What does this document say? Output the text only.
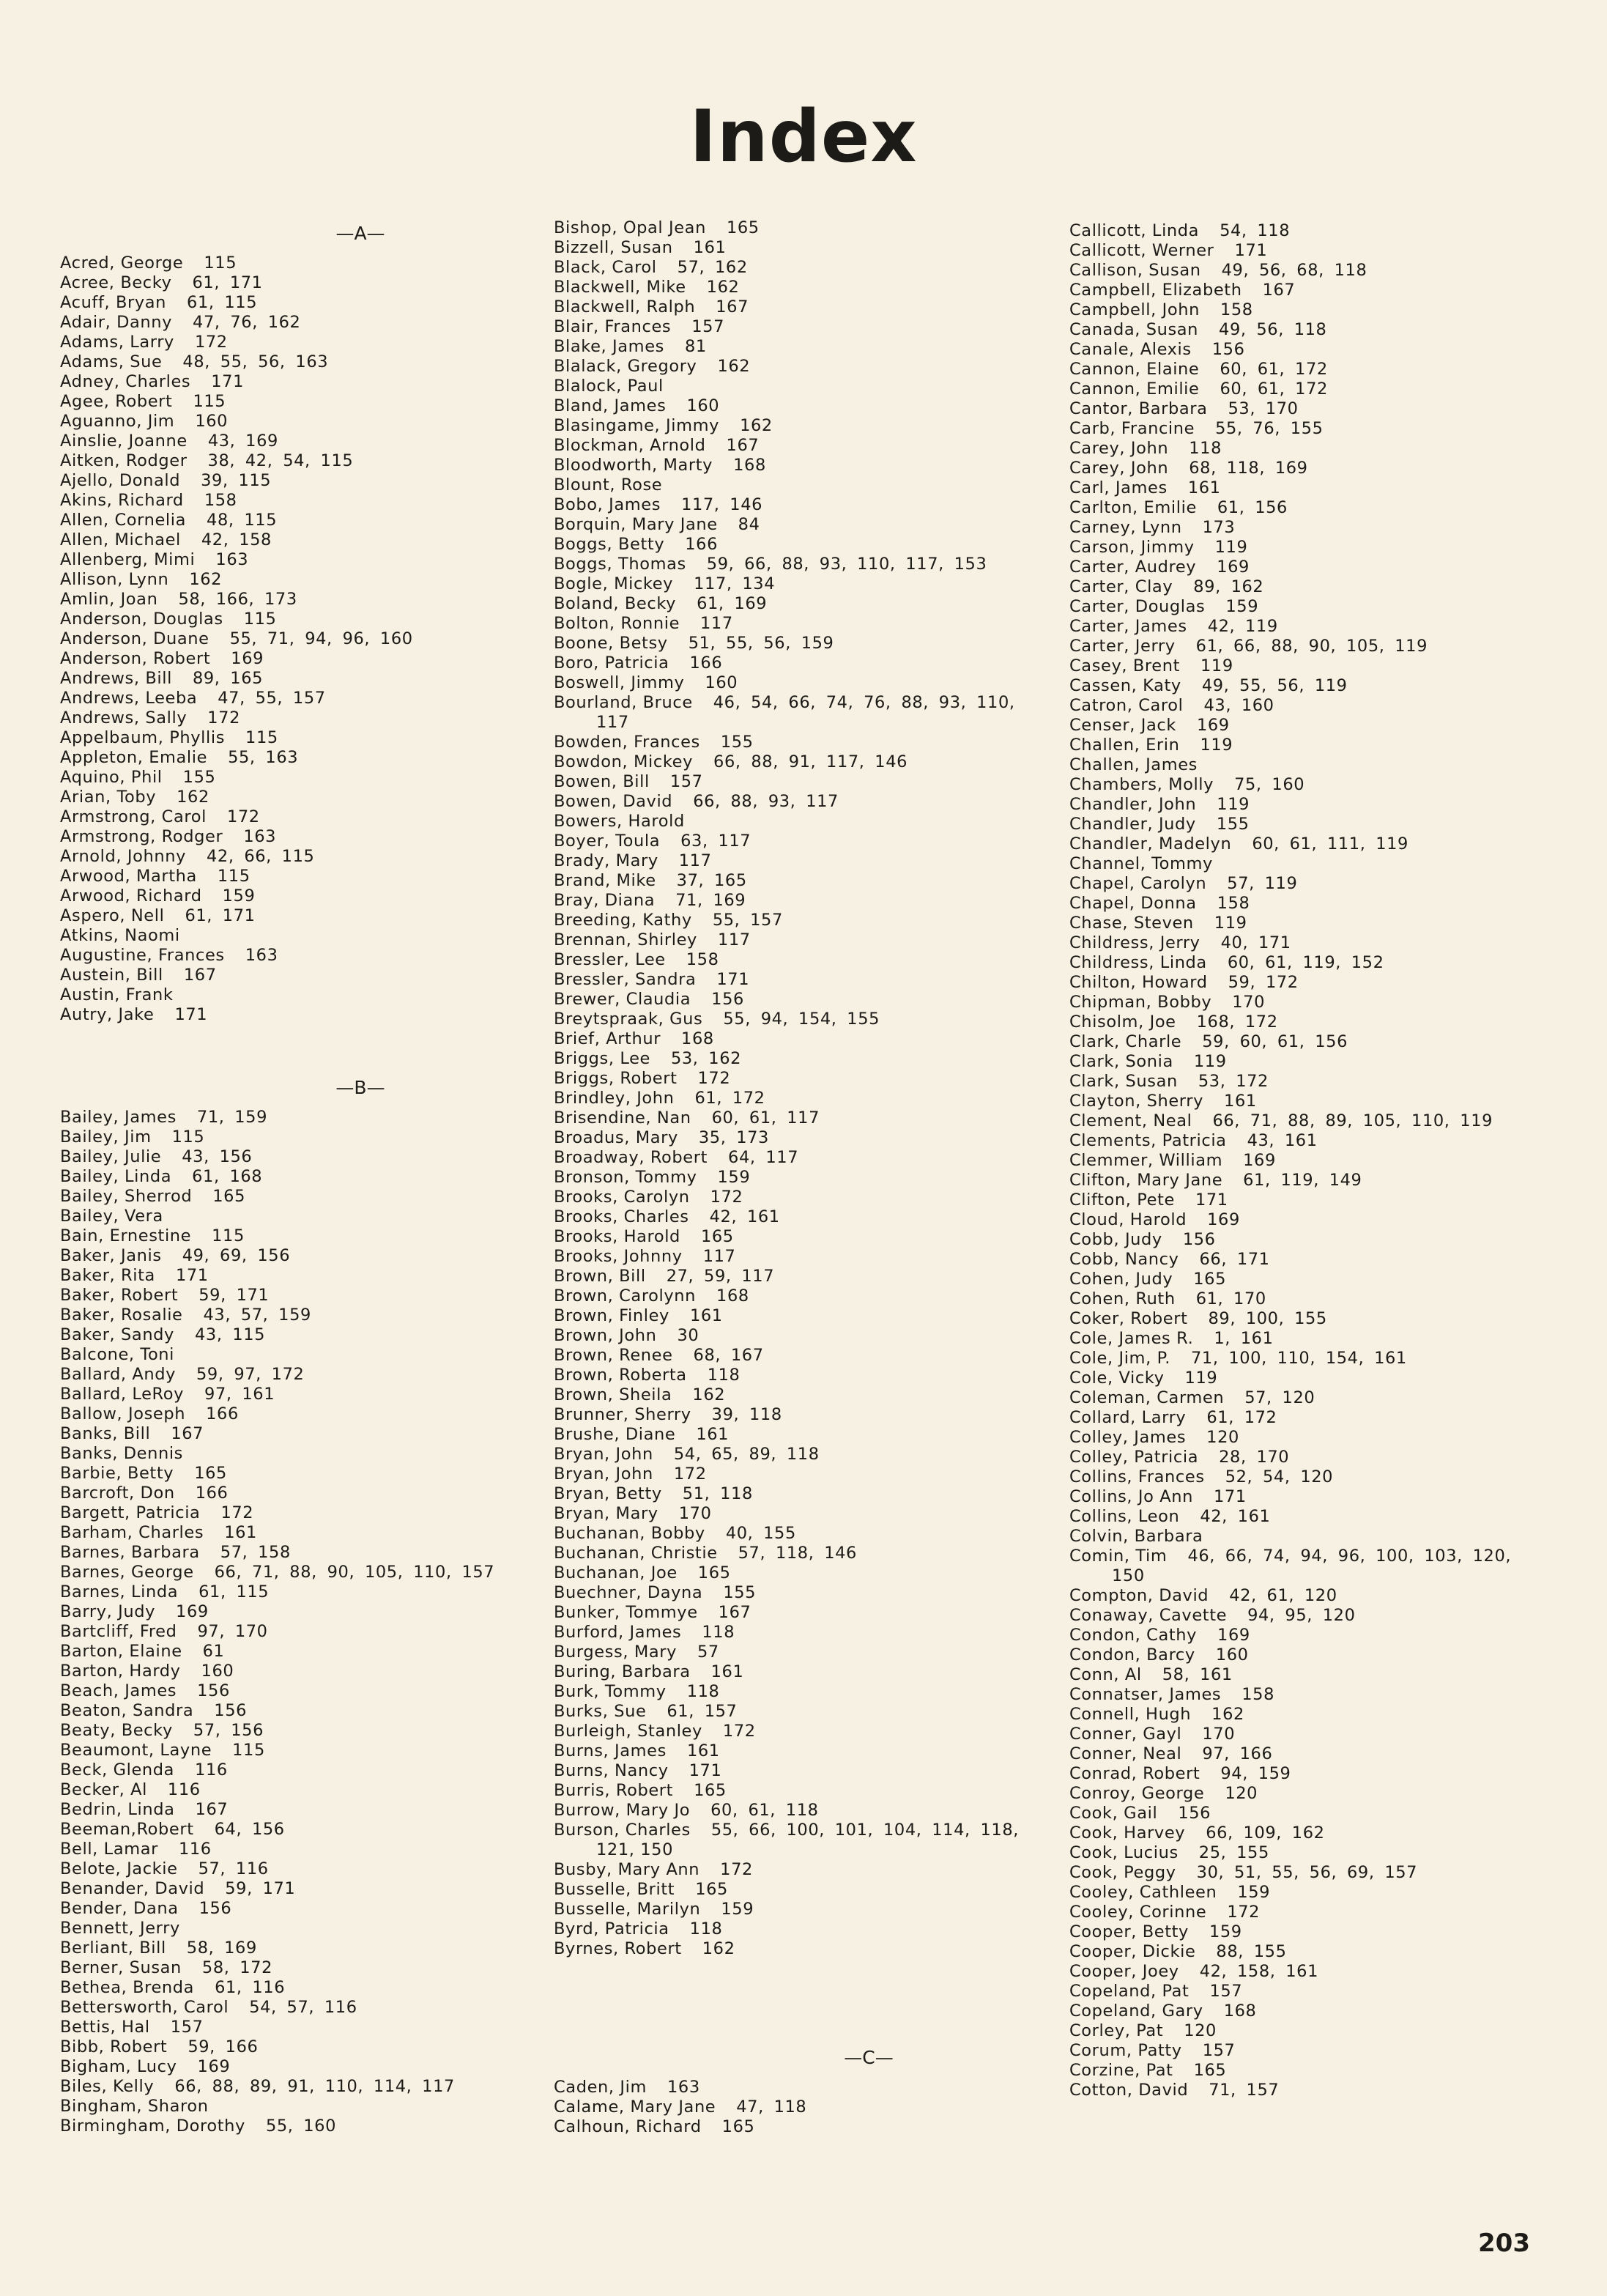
Index
—A—
Acred, George 115
Acree, Becky 61, 171
Acuff, Bryan 61, 115
Adair, Danny 47, 76, 162
Adams, Larry 172
Adams, Sue 48, 55, 56, 163
Adney, Charles 171
Agee, Robert 115
Aguanno, Jim 160
Ainslie, Joanne 43, 169
Aitken, Rodger 38, 42, 54, 115
Ajello, Donald 39, 115
Akins, Richard 158
Allen, Cornelia 48, 115
Allen, Michael 42, 158
Allenberg, Mimi 163
Allison, Lynn 162
Amlin, Joan 58, 166, 173
Anderson, Douglas 115
Anderson, Duane 55, 71, 94, 96, 160
Anderson, Robert 169
Andrews, Bill 89, 165
Andrews, Leeba 47, 55, 157
Andrews, Sally 172
Appelbaum, Phyllis 115
Appleton, Emalie 55, 163
Aquino, Phil 155
Arian, Toby 162
Armstrong, Carol 172
Armstrong, Rodger 163
Arnold, Johnny 42, 66, 115
Arwood, Martha 115
Arwood, Richard 159
Aspero, Nell 61, 171
Atkins, Naomi
Augustine, Frances 163
Austein, Bill 167
Austin, Frank
Autry, Jake 171
—B—
Bailey, James 71, 159
Bailey, Jim 115
Bailey, Julie 43, 156
Bailey, Linda 61, 168
Bailey, Sherrod 165
Bailey, Vera
Bain, Ernestine 115
Baker, Janis 49, 69, 156
Baker, Rita 171
Baker, Robert 59, 171
Baker, Rosalie 43, 57, 159
Baker, Sandy 43, 115
Balcone, Toni
Ballard, Andy 59, 97, 172
Ballard, LeRoy 97, 161
Ballow, Joseph 166
Banks, Bill 167
Banks, Dennis
Barbie, Betty 165
Barcroft, Don 166
Bargett, Patricia 172
Barham, Charles 161
Barnes, Barbara 57, 158
Barnes, George 66, 71, 88, 90, 105, 110, 157
Barnes, Linda 61, 115
Barry, Judy 169
Bartcliff, Fred 97, 170
Barton, Elaine 61
Barton, Hardy 160
Beach, James 156
Beaton, Sandra 156
Beaty, Becky 57, 156
Beaumont, Layne 115
Beck, Glenda 116
Becker, Al 116
Bedrin, Linda 167
Beeman,Robert 64, 156
Bell, Lamar 116
Belote, Jackie 57, 116
Benander, David 59, 171
Bender, Dana 156
Bennett, Jerry
Berliant, Bill 58, 169
Berner, Susan 58, 172
Bethea, Brenda 61, 116
Bettersworth, Carol 54, 57, 116
Bettis, Hal 157
Bibb, Robert 59, 166
Bigham, Lucy 169
Biles, Kelly 66, 88, 89, 91, 110, 114, 117
Bingham, Sharon
Birmingham, Dorothy 55, 160
Bishop, Opal Jean 165
Bizzell, Susan 161
Black, Carol 57, 162
Blackwell, Mike 162
Blackwell, Ralph 167
Blair, Frances 157
Blake, James 81
Blalack, Gregory 162
Blalock, Paul
Bland, James 160
Blasingame, Jimmy 162
Blockman, Arnold 167
Bloodworth, Marty 168
Blount, Rose
Bobo, James 117, 146
Borquin, Mary Jane 84
Boggs, Betty 166
Boggs, Thomas 59, 66, 88, 93, 110, 117, 153
Bogle, Mickey 117, 134
Boland, Becky 61, 169
Bolton, Ronnie 117
Boone, Betsy 51, 55, 56, 159
Boro, Patricia 166
Boswell, Jimmy 160
Bourland, Bruce 46, 54, 66, 74, 76, 88, 93, 110,
117
Bowden, Frances 155
Bowdon, Mickey 66, 88, 91, 117, 146
Bowen, Bill 157
Bowen, David 66, 88, 93, 117
Bowers, Harold
Boyer, Toula 63, 117
Brady, Mary 117
Brand, Mike 37, 165
Bray, Diana 71, 169
Breeding, Kathy 55, 157
Brennan, Shirley 117
Bressler, Lee 158
Bressler, Sandra 171
Brewer, Claudia 156
Breytspraak, Gus 55, 94, 154, 155
Brief, Arthur 168
Briggs, Lee 53, 162
Briggs, Robert 172
Brindley, John 61, 172
Brisendine, Nan 60, 61, 117
Broadus, Mary 35, 173
Broadway, Robert 64, 117
Bronson, Tommy 159
Brooks, Carolyn 172
Brooks, Charles 42, 161
Brooks, Harold 165
Brooks, Johnny 117
Brown, Bill 27, 59, 117
Brown, Carolynn 168
Brown, Finley 161
Brown, John 30
Brown, Renee 68, 167
Brown, Roberta 118
Brown, Sheila 162
Brunner, Sherry 39, 118
Brushe, Diane 161
Bryan, John 54, 65, 89, 118
Bryan, John 172
Bryan, Betty 51, 118
Bryan, Mary 170
Buchanan, Bobby 40, 155
Buchanan, Christie 57, 118, 146
Buchanan, Joe 165
Buechner, Dayna 155
Bunker, Tommye 167
Burford, James 118
Burgess, Mary 57
Buring, Barbara 161
Burk, Tommy 118
Burks, Sue 61, 157
Burleigh, Stanley 172
Burns, James 161
Burns, Nancy 171
Burris, Robert 165
Burrow, Mary Jo 60, 61, 118
Burson, Charles 55, 66, 100, 101, 104, 114, 118,
121, 150
Busby, Mary Ann 172
Busselle, Britt 165
Busselle, Marilyn 159
Byrd, Patricia 118
Byrnes, Robert 162
—C—
Caden, Jim 163
Calame, Mary Jane 47, 118
Calhoun, Richard 165
Callicott, Linda 54, 118
Callicott, Werner 171
Callison, Susan 49, 56, 68, 118
Campbell, Elizabeth 167
Campbell, John 158
Canada, Susan 49, 56, 118
Canale, Alexis 156
Cannon, Elaine 60, 61, 172
Cannon, Emilie 60, 61, 172
Cantor, Barbara 53, 170
Carb, Francine 55, 76, 155
Carey, John 118
Carey, John 68, 118, 169
Carl, James 161
Carlton, Emilie 61, 156
Carney, Lynn 173
Carson, Jimmy 119
Carter, Audrey 169
Carter, Clay 89, 162
Carter, Douglas 159
Carter, James 42, 119
Carter, Jerry 61, 66, 88, 90, 105, 119
Casey, Brent 119
Cassen, Katy 49, 55, 56, 119
Catron, Carol 43, 160
Censer, Jack 169
Challen, Erin 119
Challen, James
Chambers, Molly 75, 160
Chandler, John 119
Chandler, Judy 155
Chandler, Madelyn 60, 61, 111, 119
Channel, Tommy
Chapel, Carolyn 57, 119
Chapel, Donna 158
Chase, Steven 119
Childress, Jerry 40, 171
Childress, Linda 60, 61, 119, 152
Chilton, Howard 59, 172
Chipman, Bobby 170
Chisolm, Joe 168, 172
Clark, Charle 59, 60, 61, 156
Clark, Sonia 119
Clark, Susan 53, 172
Clayton, Sherry 161
Clement, Neal 66, 71, 88, 89, 105, 110, 119
Clements, Patricia 43, 161
Clemmer, William 169
Clifton, Mary Jane 61, 119, 149
Clifton, Pete 171
Cloud, Harold 169
Cobb, Judy 156
Cobb, Nancy 66, 171
Cohen, Judy 165
Cohen, Ruth 61, 170
Coker, Robert 89, 100, 155
Cole, James R. 1, 161
Cole, Jim, P. 71, 100, 110, 154, 161
Cole, Vicky 119
Coleman, Carmen 57, 120
Collard, Larry 61, 172
Colley, James 120
Colley, Patricia 28, 170
Collins, Frances 52, 54, 120
Collins, Jo Ann 171
Collins, Leon 42, 161
Colvin, Barbara
Comin, Tim 46, 66, 74, 94, 96, 100, 103, 120,
150
Compton, David 42, 61, 120
Conaway, Cavette 94, 95, 120
Condon, Cathy 169
Condon, Barcy 160
Conn, Al 58, 161
Connatser, James 158
Connell, Hugh 162
Conner, Gayl 170
Conner, Neal 97, 166
Conrad, Robert 94, 159
Conroy, George 120
Cook, Gail 156
Cook, Harvey 66, 109, 162
Cook, Lucius 25, 155
Cook, Peggy 30, 51, 55, 56, 69, 157
Cooley, Cathleen 159
Cooley, Corinne 172
Cooper, Betty 159
Cooper, Dickie 88, 155
Cooper, Joey 42, 158, 161
Copeland, Pat 157
Copeland, Gary 168
Corley, Pat 120
Corum, Patty 157
Corzine, Pat 165
Cotton, David 71, 157
203
